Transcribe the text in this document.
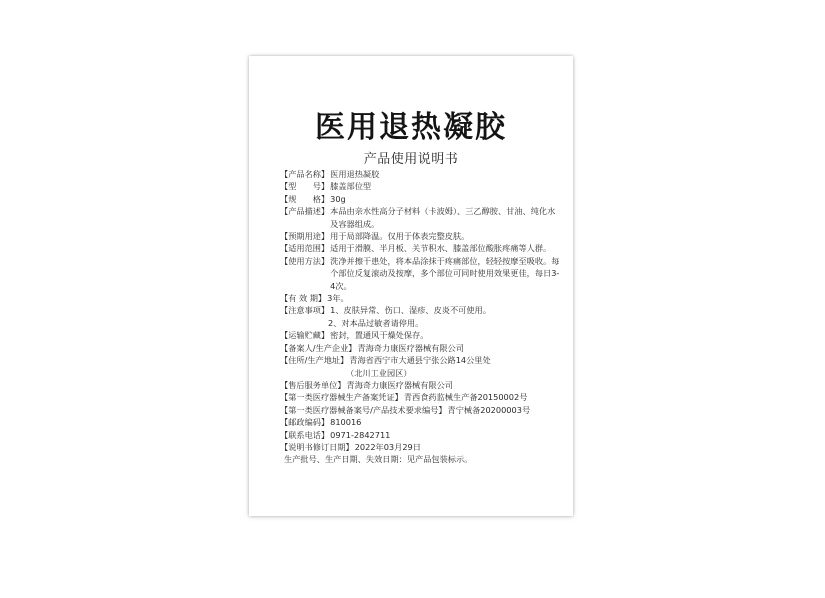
医用退热凝胶
产品使用说明书
【产品名称】 医用退热凝胶
【型　　号】 膝盖部位型
【规　　格】 30g
【产品描述】 本品由亲水性高分子材料（卡波姆）、三乙醇胺、甘油、纯化水及容器组成。
【预期用途】 用于局部降温。仅用于体表完整皮肤。
【适用范围】 适用于滑膜、半月板、关节积水、膝盖部位酸胀疼痛等人群。
【使用方法】 洗净并擦干患处，将本品涂抹于疼痛部位，轻轻按摩至吸收。每个部位反复滚动及按摩，多个部位可同时使用效果更佳，每日3-4次。
【有 效 期】 3年。
【注意事项】 1、皮肤异常、伤口、湿疹、皮炎不可使用。
2、对本品过敏者请停用。
【运输贮藏】 密封，置通风干燥处保存。
【备案人/生产企业】 青海奇力康医疗器械有限公司
【住所/生产地址】 青海省西宁市大通县宁张公路14公里处
（北川工业园区）
【售后服务单位】 青海奇力康医疗器械有限公司
【第一类医疗器械生产备案凭证】 青西食药监械生产备20150002号
【第一类医疗器械备案号/产品技术要求编号】 青宁械备20200003号
【邮政编码】 810016
【联系电话】 0971-2842711
【说明书修订日期】 2022年03月29日
生产批号、生产日期、失效日期：见产品包装标示。
